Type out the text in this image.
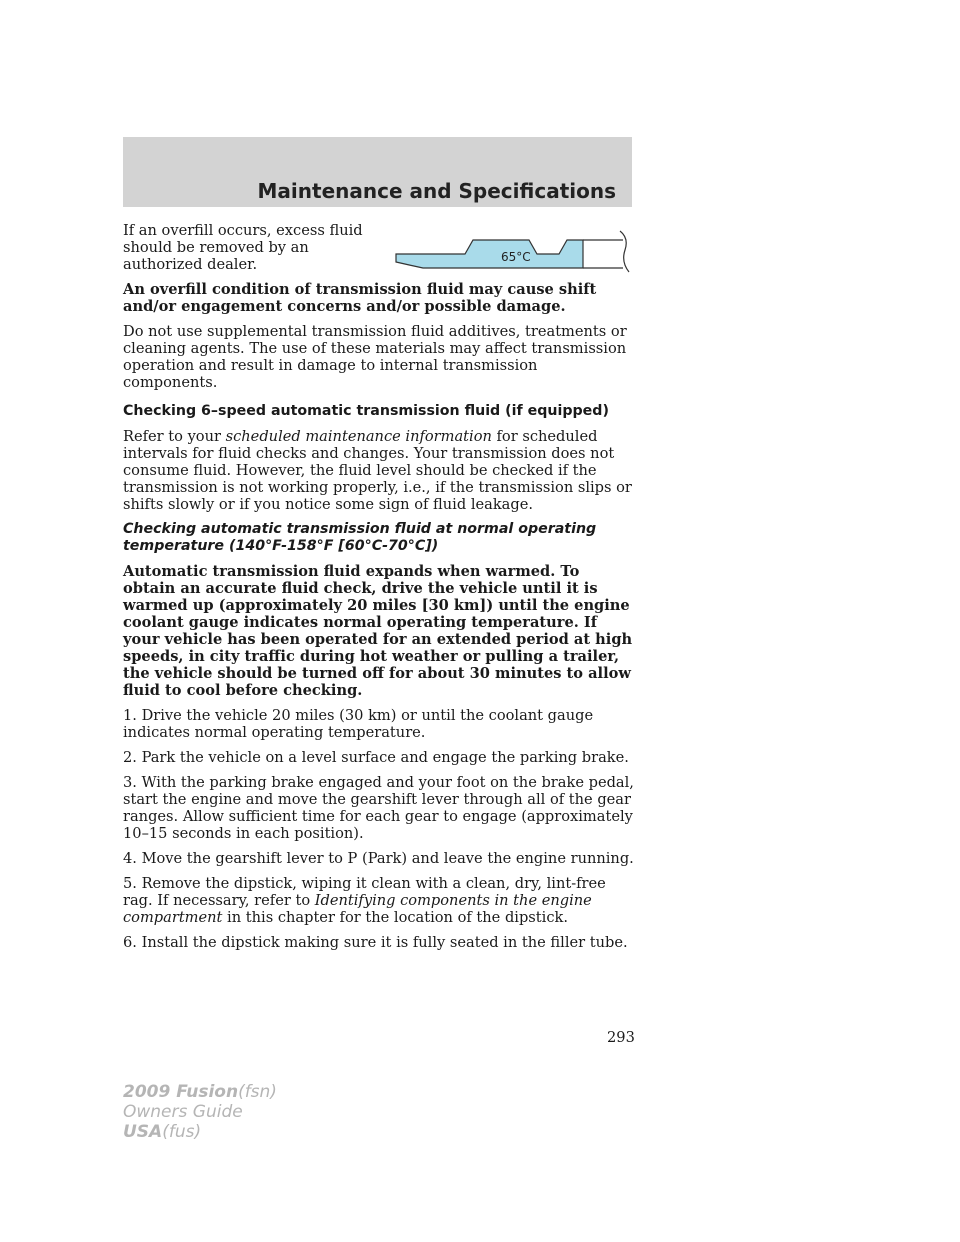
Maintenance and Specifications
65°C

If an overfill occurs, excess fluid should be removed by an authorized dealer.

An overfill condition of transmission fluid may cause shift and/or engagement concerns and/or possible damage.

Do not use supplemental transmission fluid additives, treatments or cleaning agents. The use of these materials may affect transmission operation and result in damage to internal transmission components.

Checking 6–speed automatic transmission fluid (if equipped)

Refer to your scheduled maintenance information for scheduled intervals for fluid checks and changes. Your transmission does not consume fluid. However, the fluid level should be checked if the transmission is not working properly, i.e., if the transmission slips or shifts slowly or if you notice some sign of fluid leakage.

Checking automatic transmission fluid at normal operating temperature (140°F-158°F [60°C-70°C])

Automatic transmission fluid expands when warmed. To obtain an accurate fluid check, drive the vehicle until it is warmed up (approximately 20 miles [30 km]) until the engine coolant gauge indicates normal operating temperature. If your vehicle has been operated for an extended period at high speeds, in city traffic during hot weather or pulling a trailer, the vehicle should be turned off for about 30 minutes to allow fluid to cool before checking.

1. Drive the vehicle 20 miles (30 km) or until the coolant gauge indicates normal operating temperature.

2. Park the vehicle on a level surface and engage the parking brake.

3. With the parking brake engaged and your foot on the brake pedal, start the engine and move the gearshift lever through all of the gear ranges. Allow sufficient time for each gear to engage (approximately 10–15 seconds in each position).

4. Move the gearshift lever to P (Park) and leave the engine running.

5. Remove the dipstick, wiping it clean with a clean, dry, lint-free rag. If necessary, refer to Identifying components in the engine compartment in this chapter for the location of the dipstick.

6. Install the dipstick making sure it is fully seated in the filler tube.

293
2009 Fusion(fsn)
Owners Guide
USA(fus)
